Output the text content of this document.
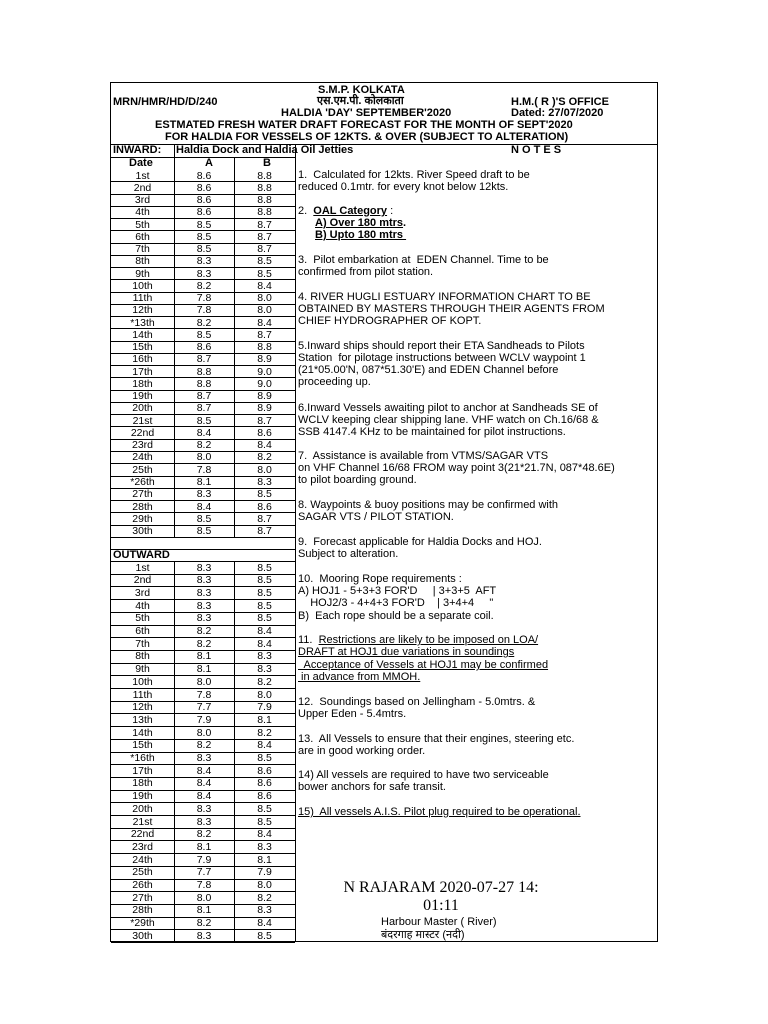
S.M.P. KOLKATA
MRN/HMR/HD/D/240	एस.एम.पी. कोलकाता	H.M.( R )'S OFFICE
HALDIA 'DAY' SEPTEMBER'2020	Dated: 27/07/2020
ESTMATED FRESH WATER DRAFT FORECAST FOR THE MONTH OF SEPT'2020
FOR HALDIA FOR VESSELS OF 12KTS. & OVER (SUBJECT TO ALTERATION)
INWARD: Haldia Dock and Haldia Oil Jetties	N O T E S
Date	A	B
OUTWARD
1st	8.6	8.8
2nd	8.6	8.8
3rd	8.6	8.8
4th	8.6	8.8
5th	8.5	8.7
6th	8.5	8.7
7th	8.5	8.7
8th	8.3	8.5
9th	8.3	8.5
10th	8.2	8.4
11th	7.8	8.0
12th	7.8	8.0
*13th	8.2	8.4
14th	8.5	8.7
15th	8.6	8.8
16th	8.7	8.9
17th	8.8	9.0
18th	8.8	9.0
19th	8.7	8.9
20th	8.7	8.9
21st	8.5	8.7
22nd	8.4	8.6
23rd	8.2	8.4
24th	8.0	8.2
25th	7.8	8.0
*26th	8.1	8.3
27th	8.3	8.5
28th	8.4	8.6
29th	8.5	8.7
30th	8.5	8.7
1st	8.3	8.5
2nd	8.3	8.5
3rd	8.3	8.5
4th	8.3	8.5
5th	8.3	8.5
6th	8.2	8.4
7th	8.2	8.4
8th	8.1	8.3
9th	8.1	8.3
10th	8.0	8.2
11th	7.8	8.0
12th	7.7	7.9
13th	7.9	8.1
14th	8.0	8.2
15th	8.2	8.4
*16th	8.3	8.5
17th	8.4	8.6
18th	8.4	8.6
19th	8.4	8.6
20th	8.3	8.5
21st	8.3	8.5
22nd	8.2	8.4
23rd	8.1	8.3
24th	7.9	8.1
25th	7.7	7.9
26th	7.8	8.0
27th	8.0	8.2
28th	8.1	8.3
*29th	8.2	8.4
30th	8.3	8.5
1.  Calculated for 12kts. River Speed draft to be
reduced 0.1mtr. for every knot below 12kts.
2.  OAL Category :
A) Over 180 mtrs.
B) Upto 180 mtrs
3.  Pilot embarkation at  EDEN Channel. Time to be
confirmed from pilot station.
4. RIVER HUGLI ESTUARY INFORMATION CHART TO BE
OBTAINED BY MASTERS THROUGH THEIR AGENTS FROM
CHIEF HYDROGRAPHER OF KOPT.
5.Inward ships should report their ETA Sandheads to Pilots
Station  for pilotage instructions between WCLV waypoint 1
(21*05.00'N, 087*51.30'E) and EDEN Channel before
proceeding up.
6.Inward Vessels awaiting pilot to anchor at Sandheads SE of
WCLV keeping clear shipping lane. VHF watch on Ch.16/68 &
SSB 4147.4 KHz to be maintained for pilot instructions.
7.  Assistance is available from VTMS/SAGAR VTS
on VHF Channel 16/68 FROM way point 3(21*21.7N, 087*48.6E)
to pilot boarding ground.
8. Waypoints & buoy positions may be confirmed with
SAGAR VTS / PILOT STATION.
9.  Forecast applicable for Haldia Docks and HOJ.
Subject to alteration.
10.  Mooring Rope requirements :
A) HOJ1 - 5+3+3 FOR'D     | 3+3+5  AFT
HOJ2/3 - 4+4+3 FOR'D    | 3+4+4     "
B)  Each rope should be a separate coil.
11.  Restrictions are likely to be imposed on LOA/
DRAFT at HOJ1 due variations in soundings
Acceptance of Vessels at HOJ1 may be confirmed
in advance from MMOH.
12.  Soundings based on Jellingham - 5.0mtrs. &
Upper Eden - 5.4mtrs.
13.  All Vessels to ensure that their engines, steering etc.
are in good working order.
14) All vessels are required to have two serviceable
bower anchors for safe transit.
15)  All vessels A.I.S. Pilot plug required to be operational.
N RAJARAM 2020-07-27 14:
01:11
Harbour Master ( River)
बंदरगाह मास्टर (नदी)
